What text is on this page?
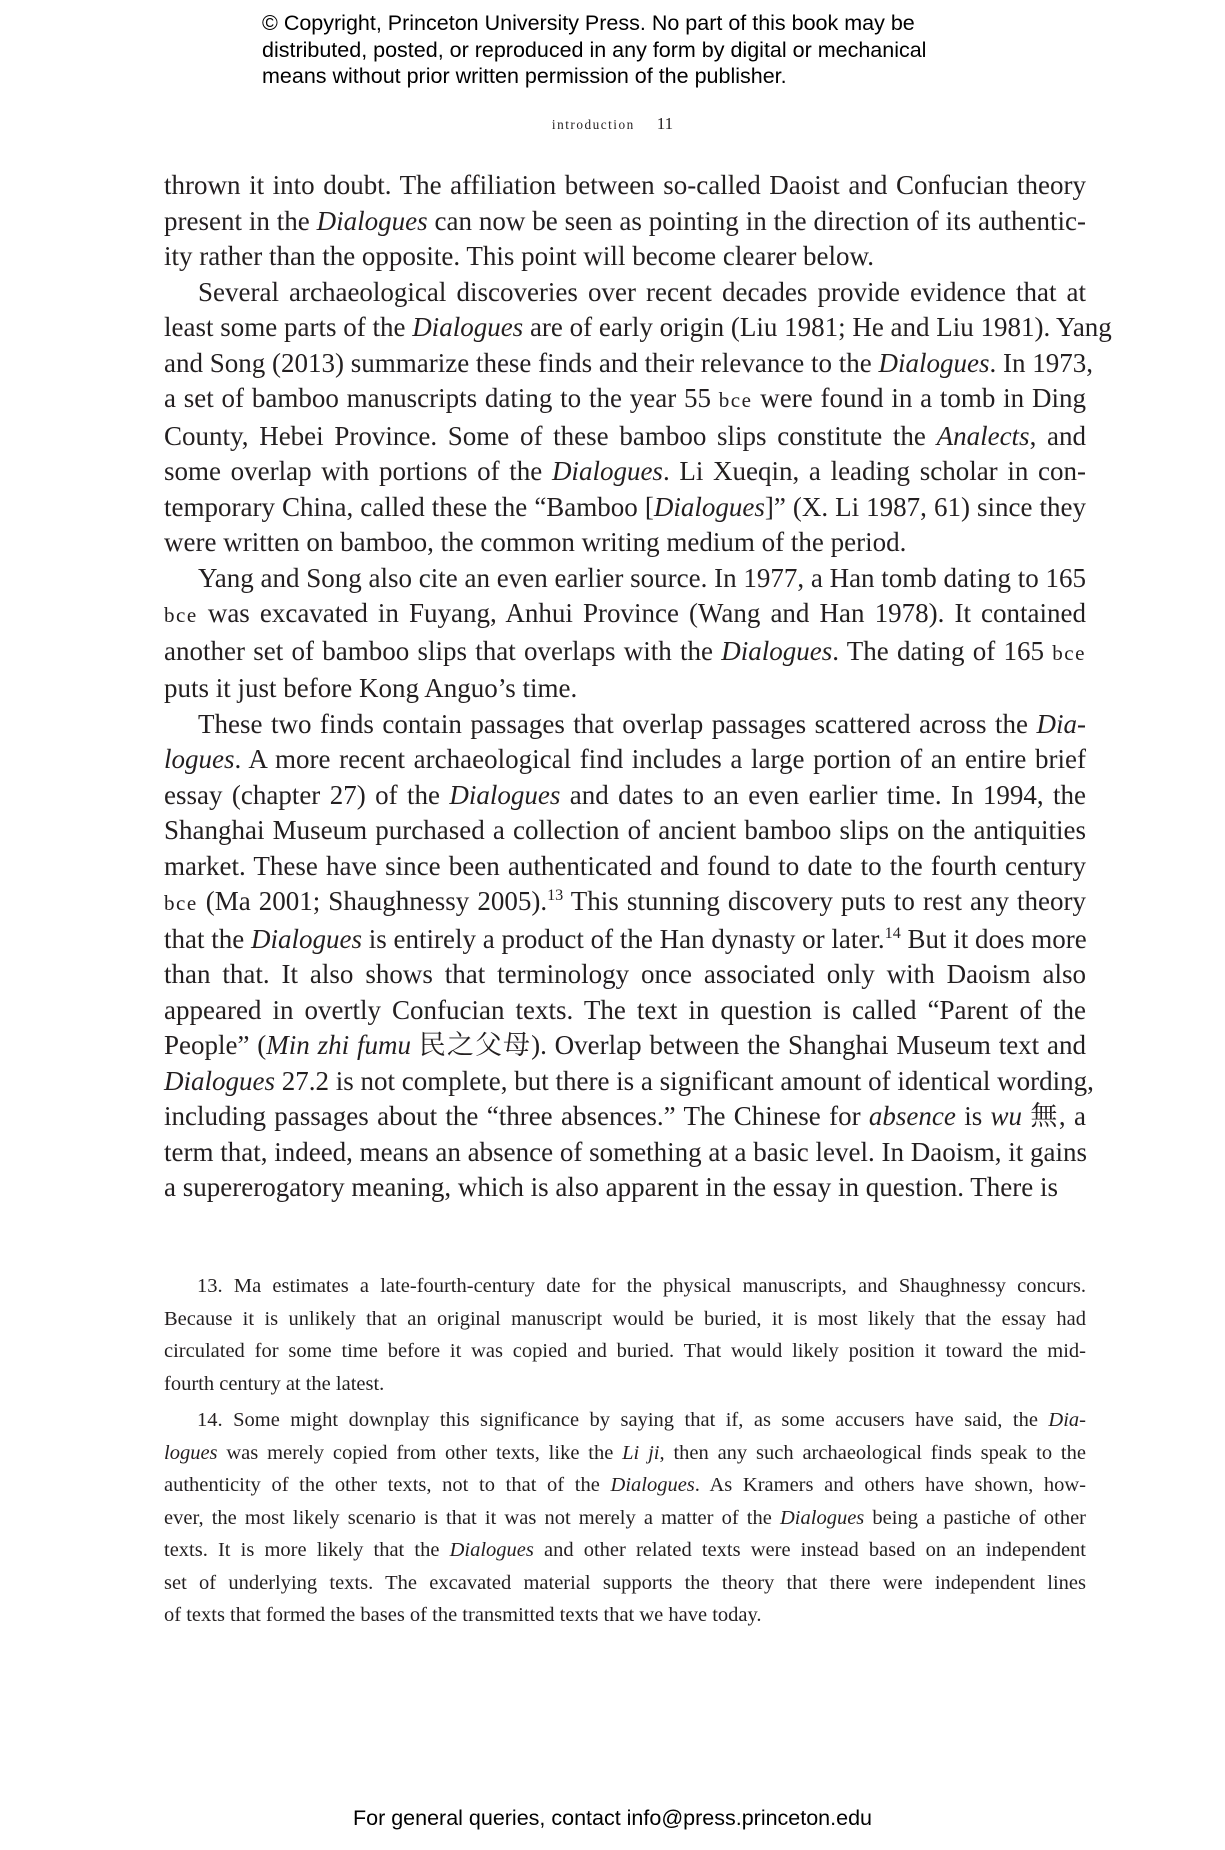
© Copyright, Princeton University Press. No part of this book may be
distributed, posted, or reproduced in any form by digital or mechanical
means without prior written permission of the publisher.
introduction 11
thrown it into doubt. The affiliation between so-called Daoist and Confucian theory
present in the Dialogues can now be seen as pointing in the direction of its authentic-
ity rather than the opposite. This point will become clearer below.
Several archaeological discoveries over recent decades provide evidence that at
least some parts of the Dialogues are of early origin (Liu 1981; He and Liu 1981). Yang
and Song (2013) summarize these finds and their relevance to the Dialogues. In 1973,
a set of bamboo manuscripts dating to the year 55 bce were found in a tomb in Ding
County, Hebei Province. Some of these bamboo slips constitute the Analects, and
some overlap with portions of the Dialogues. Li Xueqin, a leading scholar in con-
temporary China, called these the “Bamboo [Dialogues]” (X. Li 1987, 61) since they
were written on bamboo, the common writing medium of the period.
Yang and Song also cite an even earlier source. In 1977, a Han tomb dating to 165
bce was excavated in Fuyang, Anhui Province (Wang and Han 1978). It contained
another set of bamboo slips that overlaps with the Dialogues. The dating of 165 bce
puts it just before Kong Anguo’s time.
These two finds contain passages that overlap passages scattered across the Dia-
logues. A more recent archaeological find includes a large portion of an entire brief
essay (chapter 27) of the Dialogues and dates to an even earlier time. In 1994, the
Shanghai Museum purchased a collection of ancient bamboo slips on the antiquities
market. These have since been authenticated and found to date to the fourth century
bce (Ma 2001; Shaughnessy 2005).$^{13}$ This stunning discovery puts to rest any theory
that the Dialogues is entirely a product of the Han dynasty or later.$^{14}$ But it does more
than that. It also shows that terminology once associated only with Daoism also
appeared in overtly Confucian texts. The text in question is called “Parent of the
People” (Min zhi fumu 民之父母). Overlap between the Shanghai Museum text and
Dialogues 27.2 is not complete, but there is a significant amount of identical wording,
including passages about the “three absences.” The Chinese for absence is wu 無, a
term that, indeed, means an absence of something at a basic level. In Daoism, it gains
a supererogatory meaning, which is also apparent in the essay in question. There is
13. Ma estimates a late-fourth-century date for the physical manuscripts, and Shaughnessy concurs.
Because it is unlikely that an original manuscript would be buried, it is most likely that the essay had
circulated for some time before it was copied and buried. That would likely position it toward the mid-
fourth century at the latest.
14. Some might downplay this significance by saying that if, as some accusers have said, the Dia-
logues was merely copied from other texts, like the Li ji, then any such archaeological finds speak to the
authenticity of the other texts, not to that of the Dialogues. As Kramers and others have shown, how-
ever, the most likely scenario is that it was not merely a matter of the Dialogues being a pastiche of other
texts. It is more likely that the Dialogues and other related texts were instead based on an independent
set of underlying texts. The excavated material supports the theory that there were independent lines
of texts that formed the bases of the transmitted texts that we have today.
For general queries, contact info@press.princeton.edu
